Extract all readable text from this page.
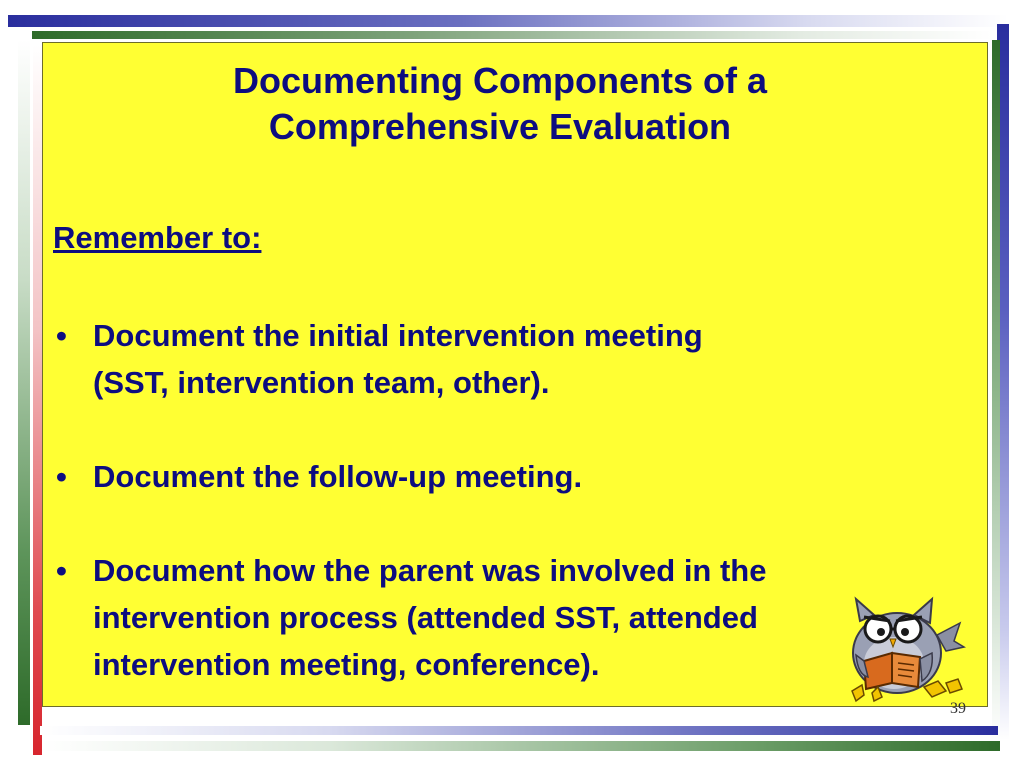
Documenting Components of a
Comprehensive Evaluation

Remember to:

• Document the initial intervention meeting
(SST, intervention team, other).
• Document the follow-up meeting.
• Document how the parent was involved in the
intervention process (attended SST, attended
intervention meeting, conference).
39
